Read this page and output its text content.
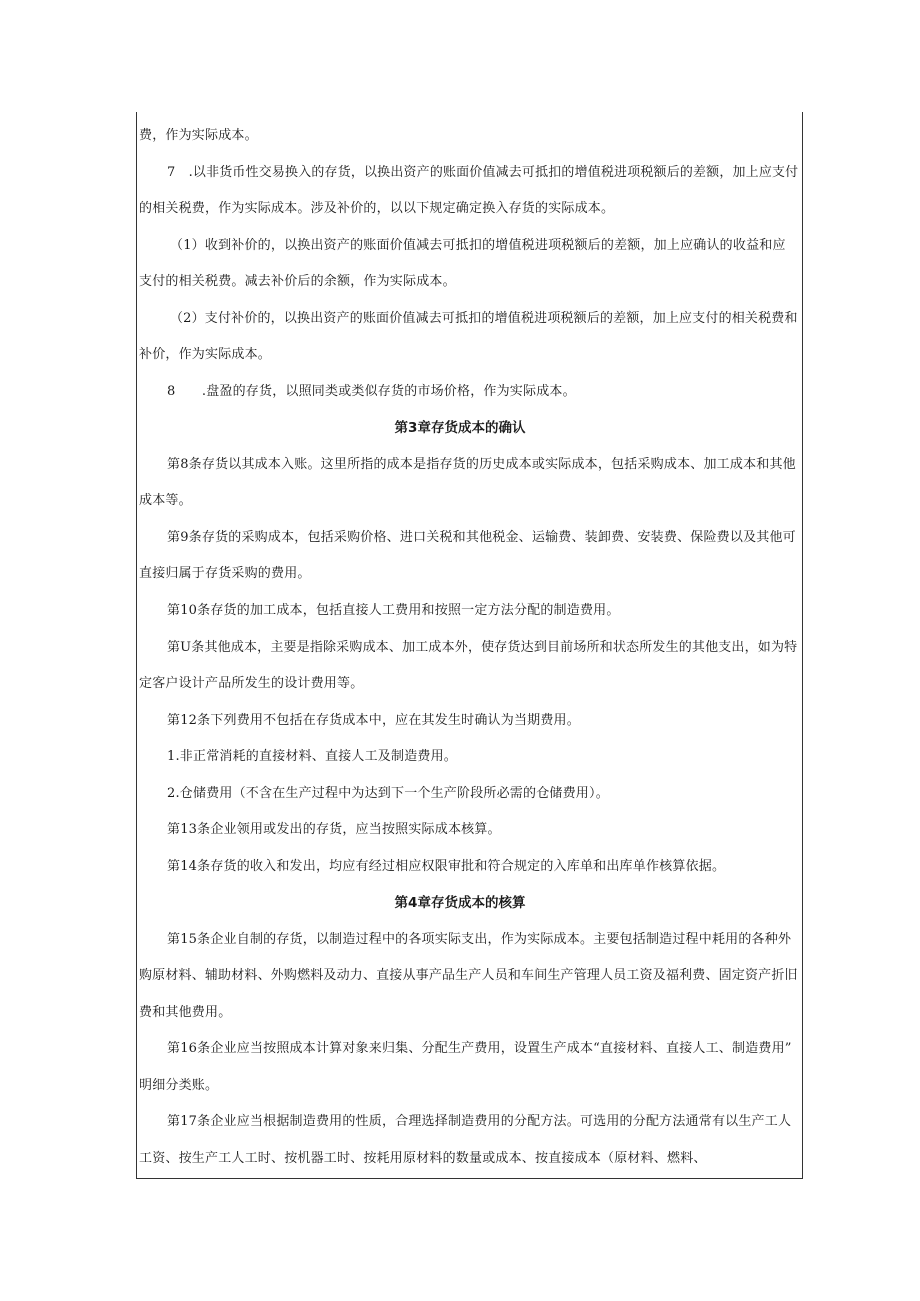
费，作为实际成本。
7　.以非货币性交易换入的存货，以换出资产的账面价值减去可抵扣的增值税进项税额后的差额，加上应支付
的相关税费，作为实际成本。涉及补价的，以以下规定确定换入存货的实际成本。
（1）收到补价的，以换出资产的账面价值减去可抵扣的增值税进项税额后的差额，加上应确认的收益和应
支付的相关税费。减去补价后的余额，作为实际成本。
（2）支付补价的，以换出资产的账面价值减去可抵扣的增值税进项税额后的差额，加上应支付的相关税费和
补价，作为实际成本。
8　　.盘盈的存货，以照同类或类似存货的市场价格，作为实际成本。
第3章存货成本的确认
第8条存货以其成本入账。这里所指的成本是指存货的历史成本或实际成本，包括采购成本、加工成本和其他
成本等。
第9条存货的采购成本，包括采购价格、进口关税和其他税金、运输费、装卸费、安装费、保险费以及其他可
直接归属于存货采购的费用。
第10条存货的加工成本，包括直接人工费用和按照一定方法分配的制造费用。
第U条其他成本，主要是指除采购成本、加工成本外，使存货达到目前场所和状态所发生的其他支出，如为特
定客户设计产品所发生的设计费用等。
第12条下列费用不包括在存货成本中，应在其发生时确认为当期费用。
1.非正常消耗的直接材料、直接人工及制造费用。
2.仓储费用（不含在生产过程中为达到下一个生产阶段所必需的仓储费用）。
第13条企业领用或发出的存货，应当按照实际成本核算。
第14条存货的收入和发出，均应有经过相应权限审批和符合规定的入库单和出库单作核算依据。
第4章存货成本的核算
第15条企业自制的存货，以制造过程中的各项实际支出，作为实际成本。主要包括制造过程中耗用的各种外
购原材料、辅助材料、外购燃料及动力、直接从事产品生产人员和车间生产管理人员工资及福利费、固定资产折旧
费和其他费用。
第16条企业应当按照成本计算对象来归集、分配生产费用，设置生产成本“直接材料、直接人工、制造费用”
明细分类账。
第17条企业应当根据制造费用的性质，合理选择制造费用的分配方法。可选用的分配方法通常有以生产工人
工资、按生产工人工时、按机器工时、按耗用原材料的数量或成本、按直接成本（原材料、燃料、
